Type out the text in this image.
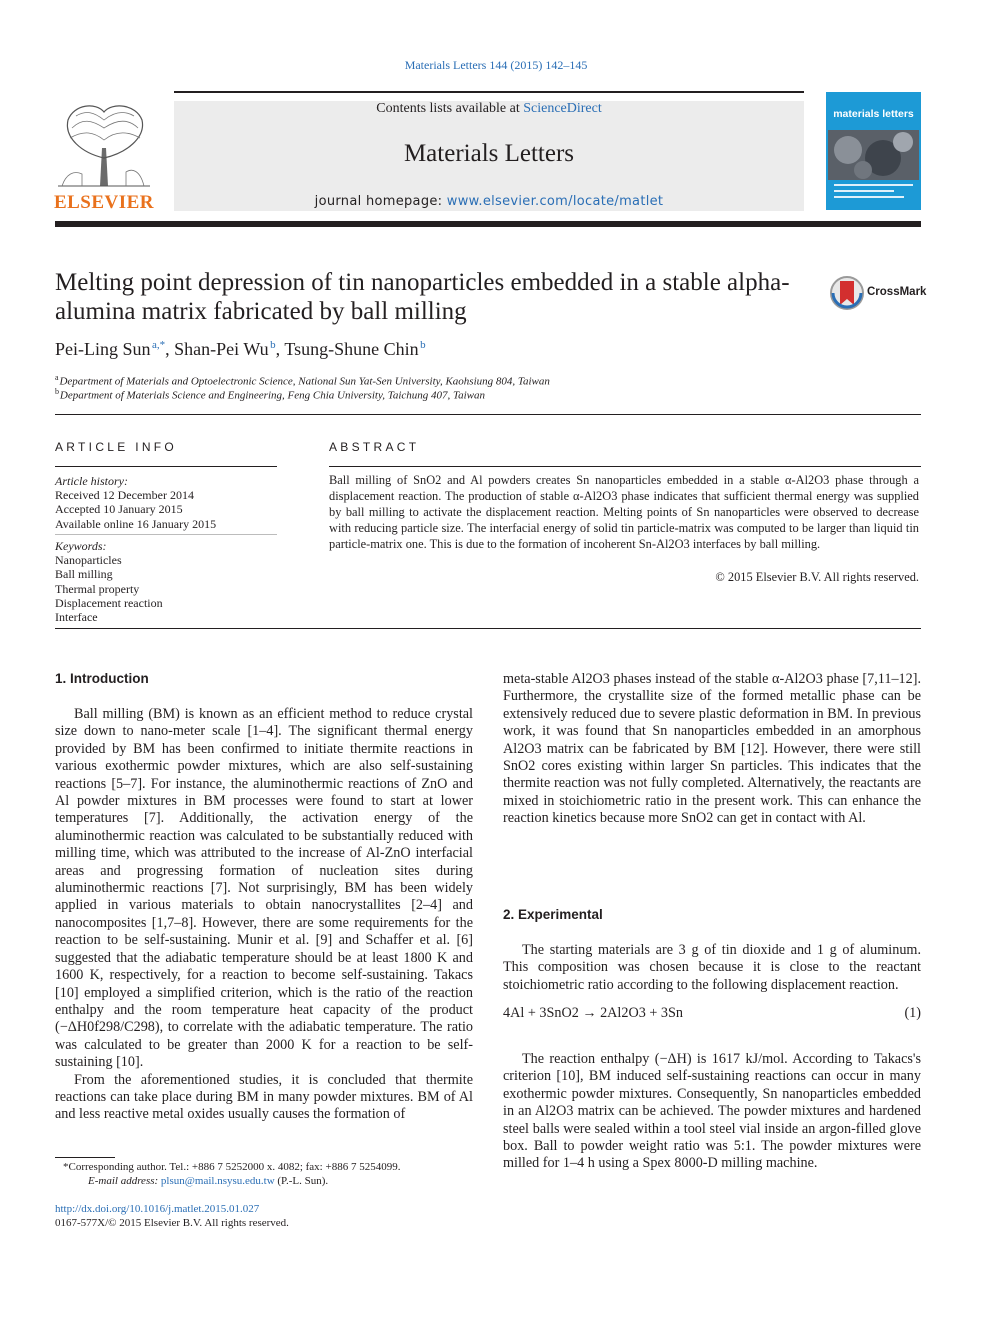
Materials Letters 144 (2015) 142–145
ELSEVIER
Contents lists available at ScienceDirect
Materials Letters
journal homepage: www.elsevier.com/locate/matlet
materials letters
Melting point depression of tin nanoparticles embedded in a stable alpha-alumina matrix fabricated by ball milling
CrossMark
Pei-Ling Sun  $^{a,*}$, Shan-Pei Wu  $^b$, Tsung-Shune Chin  $^b$
$^a$ Department of Materials and Optoelectronic Science, National Sun Yat-Sen University, Kaohsiung 804, Taiwan
$^b$ Department of Materials Science and Engineering, Feng Chia University, Taichung 407, Taiwan
ARTICLE INFO
Article history:
Received 12 December 2014
Accepted 10 January 2015
Available online 16 January 2015
Keywords:
Nanoparticles
Ball milling
Thermal property
Displacement reaction
Interface
ABSTRACT
Ball milling of SnO2 and Al powders creates Sn nanoparticles embedded in a stable α-Al2O3 phase through a displacement reaction. The production of stable α-Al2O3 phase indicates that sufficient thermal energy was supplied by ball milling to activate the displacement reaction. Melting points of Sn nanoparticles were observed to decrease with reducing particle size. The interfacial energy of solid tin particle-matrix was computed to be larger than liquid tin particle-matrix one. This is due to the formation of incoherent Sn-Al2O3 interfaces by ball milling.
© 2015 Elsevier B.V. All rights reserved.
1. Introduction

Ball milling (BM) is known as an efficient method to reduce crystal size down to nano-meter scale [1–4]. The significant thermal energy provided by BM has been confirmed to initiate thermite reactions in various exothermic powder mixtures, which are also self-sustaining reactions [5–7]. For instance, the aluminothermic reactions of ZnO and Al powder mixtures in BM processes were found to start at lower temperatures [7]. Additionally, the activation energy of the aluminothermic reaction was calculated to be substantially reduced with milling time, which was attributed to the increase of Al-ZnO interfacial areas and progressing formation of nucleation sites during aluminothermic reactions [7]. Not surprisingly, BM has been widely applied in various materials to obtain nanocrystallites [2–4] and nanocomposites [1,7–8]. However, there are some requirements for the reaction to be self-sustaining. Munir et al. [9] and Schaffer et al. [6] suggested that the adiabatic temperature should be at least 1800 K and 1600 K, respectively, for a reaction to become self-sustaining. Takacs [10] employed a simplified criterion, which is the ratio of the reaction enthalpy and the room temperature heat capacity of the product (−ΔH0f298/C298), to correlate with the adiabatic temperature. The ratio was calculated to be greater than 2000 K for a reaction to be self-sustaining [10].

From the aforementioned studies, it is concluded that thermite reactions can take place during BM in many powder mixtures. BM of Al and less reactive metal oxides usually causes the formation of

*Corresponding author. Tel.: +886 7 5252000 x. 4082; fax: +886 7 5254099.
E-mail address: plsun@mail.nsysu.edu.tw (P.-L. Sun).
http://dx.doi.org/10.1016/j.matlet.2015.01.027
0167-577X/© 2015 Elsevier B.V. All rights reserved.

meta-stable Al2O3 phases instead of the stable α-Al2O3 phase [7,11–12]. Furthermore, the crystallite size of the formed metallic phase can be extensively reduced due to severe plastic deformation in BM. In previous work, it was found that Sn nanoparticles embedded in an amorphous Al2O3 matrix can be fabricated by BM [12]. However, there were still SnO2 cores existing within larger Sn particles. This indicates that the thermite reaction was not fully completed. Alternatively, the reactants are mixed in stoichiometric ratio in the present work. This can enhance the reaction kinetics because more SnO2 can get in contact with Al.

2. Experimental

The starting materials are 3 g of tin dioxide and 1 g of aluminum. This composition was chosen because it is close to the reactant stoichiometric ratio according to the following displacement reaction.

4Al + 3SnO2 → 2Al2O3 + 3Sn	(1)

The reaction enthalpy (−ΔH) is 1617 kJ/mol. According to Takacs's criterion [10], BM induced self-sustaining reactions can occur in many exothermic powder mixtures. Consequently, Sn nanoparticles embedded in an Al2O3 matrix can be achieved. The powder mixtures and hardened steel balls were sealed within a tool steel vial inside an argon-filled glove box. Ball to powder weight ratio was 5:1. The powder mixtures were milled for 1–4 h using a Spex 8000-D milling machine.
